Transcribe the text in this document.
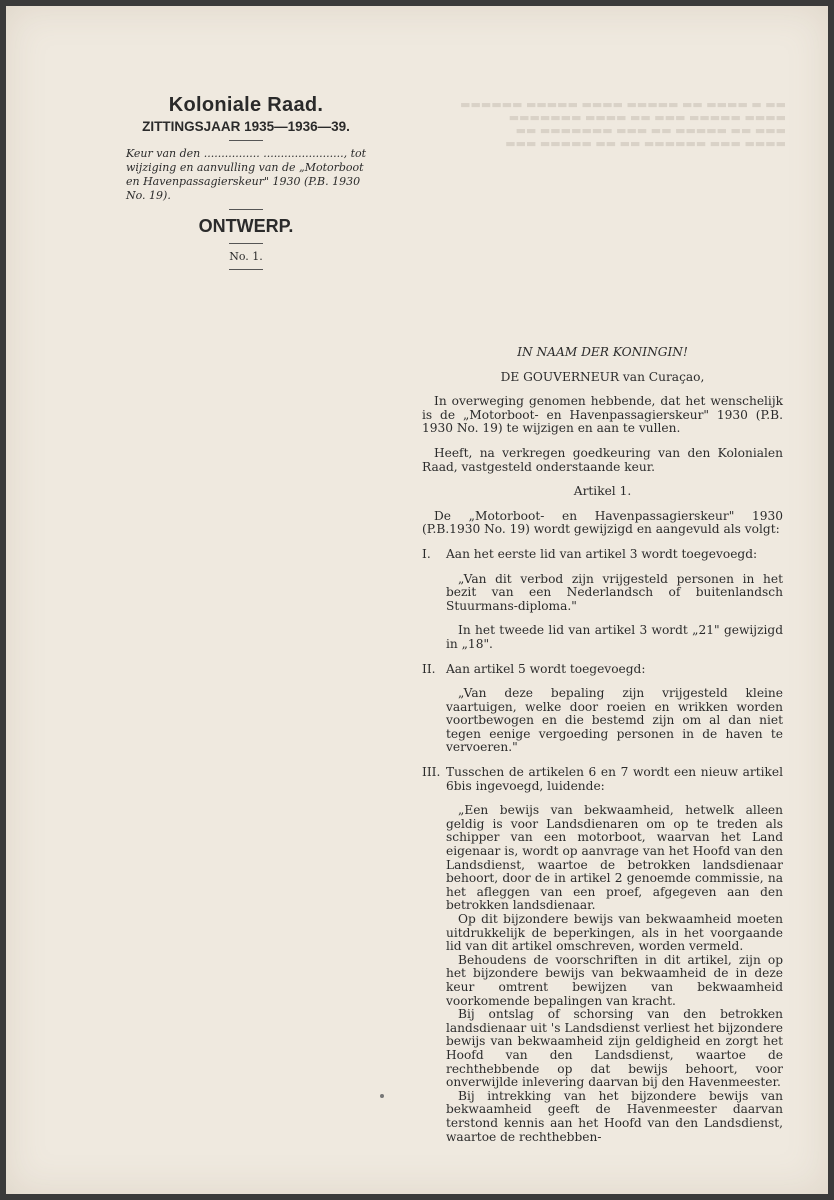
▬▬ ▬ ▬▬▬▬ ▬▬ ▬▬▬▬▬ ▬▬▬▬ ▬▬▬▬▬ ▬▬▬▬▬▬
▬▬▬▬ ▬▬▬▬▬ ▬▬▬ ▬▬ ▬▬▬▬ ▬▬▬▬▬▬▬
▬▬▬ ▬▬ ▬▬▬▬▬ ▬▬ ▬▬▬ ▬▬▬▬▬▬▬ ▬▬
▬▬▬▬ ▬▬▬ ▬▬▬▬▬▬ ▬▬ ▬▬ ▬▬▬▬▬ ▬▬▬
Koloniale Raad.
ZITTINGSJAAR 1935—1936—39.
Keur van den ................ ......................., tot wijziging en aanvulling van de „Motorboot en Havenpassagierskeur" 1930 (P.B. 1930 No. 19).
ONTWERP.
No. 1.

IN NAAM DER KONINGIN!

DE GOUVERNEUR van Curaçao,

In overweging genomen hebbende, dat het wenschelijk is de „Motorboot- en Havenpassagierskeur" 1930 (P.B. 1930 No. 19) te wijzigen en aan te vullen.

Heeft, na verkregen goedkeuring van den Kolonialen Raad, vastgesteld onderstaande keur.

Artikel 1.

De „Motorboot- en Havenpassagierskeur" 1930 (P.B.1930 No. 19) wordt gewijzigd en aangevuld als volgt:

I.	Aan het eerste lid van artikel 3 wordt toegevoegd:

„Van dit verbod zijn vrijgesteld personen in het bezit van een Nederlandsch of buitenlandsch Stuurmans-diploma."

In het tweede lid van artikel 3 wordt „21" gewijzigd in „18".

II. Aan artikel 5 wordt toegevoegd:

„Van deze bepaling zijn vrijgesteld kleine vaartuigen, welke door roeien en wrikken worden voortbewogen en die bestemd zijn om al dan niet tegen eenige vergoeding personen in de haven te vervoeren."

III. Tusschen de artikelen 6 en 7 wordt een nieuw artikel 6bis ingevoegd, luidende:

„Een bewijs van bekwaamheid, hetwelk alleen geldig is voor Landsdienaren om op te treden als schipper van een motorboot, waarvan het Land eigenaar is, wordt op aanvrage van het Hoofd van den Landsdienst, waartoe de betrokken landsdienaar behoort, door de in artikel 2 genoemde commissie, na het afleggen van een proef, afgegeven aan den betrokken landsdienaar.

Op dit bijzondere bewijs van bekwaamheid moeten uitdrukkelijk de beperkingen, als in het voorgaande lid van dit artikel omschreven, worden vermeld.

Behoudens de voorschriften in dit artikel, zijn op het bijzondere bewijs van bekwaamheid de in deze keur omtrent bewijzen van bekwaamheid voorkomende bepalingen van kracht.

Bij ontslag of schorsing van den betrokken landsdienaar uit 's Landsdienst verliest het bijzondere bewijs van bekwaamheid zijn geldigheid en zorgt het Hoofd van den Landsdienst, waartoe de rechthebbende op dat bewijs behoort, voor onverwijlde inlevering daarvan bij den Havenmeester.

Bij intrekking van het bijzondere bewijs van bekwaamheid geeft de Havenmeester daarvan terstond kennis aan het Hoofd van den Landsdienst, waartoe de rechthebben-
